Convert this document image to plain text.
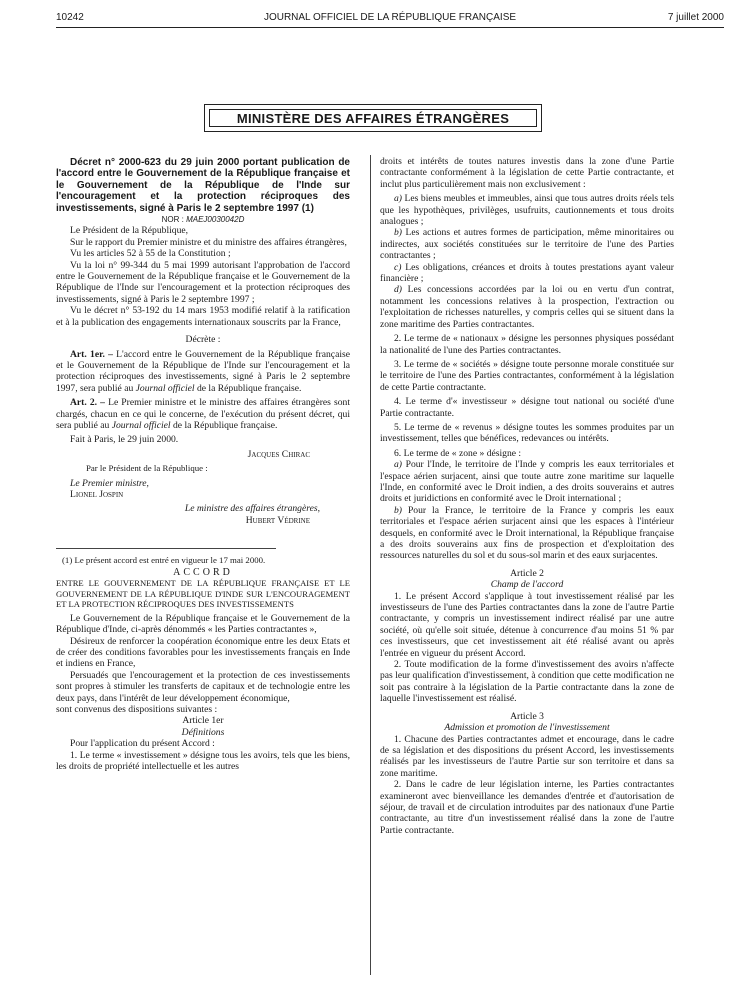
10242	JOURNAL OFFICIEL DE LA RÉPUBLIQUE FRANÇAISE	7 juillet 2000
MINISTÈRE DES AFFAIRES ÉTRANGÈRES

Décret n° 2000-623 du 29 juin 2000 portant publication de l'accord entre le Gouvernement de la République française et le Gouvernement de la République de l'Inde sur l'encouragement et la protection réciproques des investissements, signé à Paris le 2 septembre 1997 (1)

NOR : MAEJ0030042D

Le Président de la République,

Sur le rapport du Premier ministre et du ministre des affaires étrangères,

Vu les articles 52 à 55 de la Constitution ;

Vu la loi n° 99-344 du 5 mai 1999 autorisant l'approbation de l'accord entre le Gouvernement de la République française et le Gouvernement de la République de l'Inde sur l'encouragement et la protection réciproques des investissements, signé à Paris le 2 septembre 1997 ;

Vu le décret n° 53-192 du 14 mars 1953 modifié relatif à la ratification et à la publication des engagements internationaux souscrits par la France,

Décrète :

Art. 1er. – L'accord entre le Gouvernement de la République française et le Gouvernement de la République de l'Inde sur l'encouragement et la protection réciproques des investissements, signé à Paris le 2 septembre 1997, sera publié au Journal officiel de la République française.

Art. 2. – Le Premier ministre et le ministre des affaires étrangères sont chargés, chacun en ce qui le concerne, de l'exécution du présent décret, qui sera publié au Journal officiel de la République française.

Fait à Paris, le 29 juin 2000.

Jacques Chirac

Par le Président de la République :

Le Premier ministre,

Lionel Jospin

Le ministre des affaires étrangères,

Hubert Védrine

(1) Le présent accord est entré en vigueur le 17 mai 2000.

ACCORD

ENTRE LE GOUVERNEMENT DE LA RÉPUBLIQUE FRANÇAISE ET LE GOUVERNEMENT DE LA RÉPUBLIQUE D'INDE SUR L'ENCOURAGEMENT ET LA PROTECTION RÉCIPROQUES DES INVESTISSEMENTS

Le Gouvernement de la République française et le Gouvernement de la République d'Inde, ci-après dénommés « les Parties contractantes »,

Désireux de renforcer la coopération économique entre les deux Etats et de créer des conditions favorables pour les investissements français en Inde et indiens en France,

Persuadés que l'encouragement et la protection de ces investissements sont propres à stimuler les transferts de capitaux et de technologie entre les deux pays, dans l'intérêt de leur développement économique,

sont convenus des dispositions suivantes :

Article 1er

Définitions

Pour l'application du présent Accord :

1. Le terme « investissement » désigne tous les avoirs, tels que les biens, les droits de propriété intellectuelle et les autres

droits et intérêts de toutes natures investis dans la zone d'une Partie contractante conformément à la législation de cette Partie contractante, et inclut plus particulièrement mais non exclusivement :

a) Les biens meubles et immeubles, ainsi que tous autres droits réels tels que les hypothèques, privilèges, usufruits, cautionnements et tous droits analogues ;

b) Les actions et autres formes de participation, même minoritaires ou indirectes, aux sociétés constituées sur le territoire de l'une des Parties contractantes ;

c) Les obligations, créances et droits à toutes prestations ayant valeur financière ;

d) Les concessions accordées par la loi ou en vertu d'un contrat, notamment les concessions relatives à la prospection, l'extraction ou l'exploitation de richesses naturelles, y compris celles qui se situent dans la zone maritime des Parties contractantes.

2. Le terme de « nationaux » désigne les personnes physiques possédant la nationalité de l'une des Parties contractantes.

3. Le terme de « sociétés » désigne toute personne morale constituée sur le territoire de l'une des Parties contractantes, conformément à la législation de cette Partie contractante.

4. Le terme d'« investisseur » désigne tout national ou société d'une Partie contractante.

5. Le terme de « revenus » désigne toutes les sommes produites par un investissement, telles que bénéfices, redevances ou intérêts.

6. Le terme de « zone » désigne :

a) Pour l'Inde, le territoire de l'Inde y compris les eaux territoriales et l'espace aérien surjacent, ainsi que toute autre zone maritime sur laquelle l'Inde, en conformité avec le Droit indien, a des droits souverains et autres droits et juridictions en conformité avec le Droit international ;

b) Pour la France, le territoire de la France y compris les eaux territoriales et l'espace aérien surjacent ainsi que les espaces à l'intérieur desquels, en conformité avec le Droit international, la République française a des droits souverains aux fins de prospection et d'exploitation des ressources naturelles du sol et du sous-sol marin et des eaux surjacentes.

Article 2

Champ de l'accord

1. Le présent Accord s'applique à tout investissement réalisé par les investisseurs de l'une des Parties contractantes dans la zone de l'autre Partie contractante, y compris un investissement indirect réalisé par une autre société, où qu'elle soit située, détenue à concurrence d'au moins 51 % par ces investisseurs, que cet investissement ait été réalisé avant ou après l'entrée en vigueur du présent Accord.

2. Toute modification de la forme d'investissement des avoirs n'affecte pas leur qualification d'investissement, à condition que cette modification ne soit pas contraire à la législation de la Partie contractante dans la zone de laquelle l'investissement est réalisé.

Article 3

Admission et promotion de l'investissement

1. Chacune des Parties contractantes admet et encourage, dans le cadre de sa législation et des dispositions du présent Accord, les investissements réalisés par les investisseurs de l'autre Partie sur son territoire et dans sa zone maritime.

2. Dans le cadre de leur législation interne, les Parties contractantes examineront avec bienveillance les demandes d'entrée et d'autorisation de séjour, de travail et de circulation introduites par des nationaux d'une Partie contractante, au titre d'un investissement réalisé dans la zone de l'autre Partie contractante.
